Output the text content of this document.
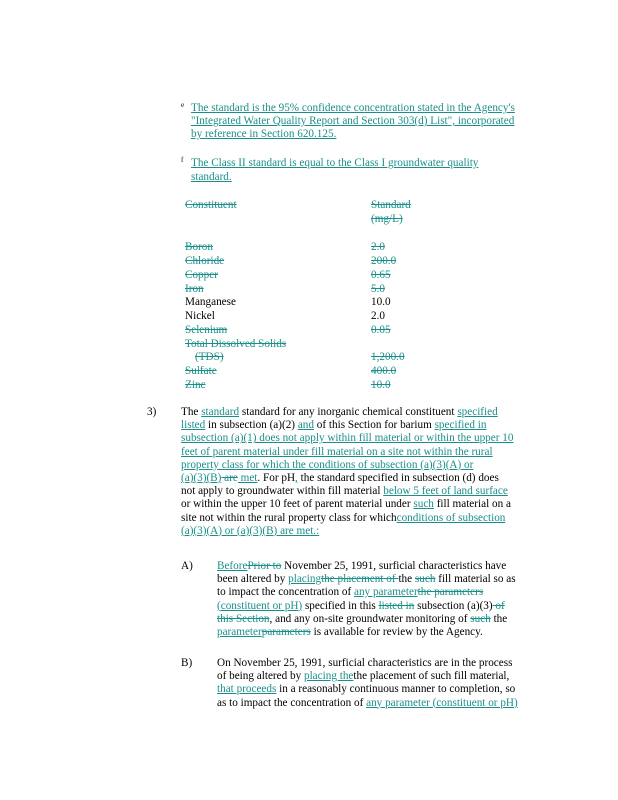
e The standard is the 95% confidence concentration stated in the Agency's
"Integrated Water Quality Report and Section 303(d) List", incorporated
by reference in Section 620.125.
f The Class II standard is equal to the Class I groundwater quality
standard.
Constituent	Standard
(mg/L)
Boron	2.0
Chloride	200.0
Copper	0.65
Iron	5.0
Manganese	10.0
Nickel	2.0
Selenium	0.05
Total Dissolved Solids
(TDS)	1,200.0
Sulfate	400.0
Zinc	10.0
3) The standard standard for any inorganic chemical constituent specified
listed in subsection (a)(2) and of this Section for barium specified in
subsection (a)(1) does not apply within fill material or within the upper 10
feet of parent material under fill material on a site not within the rural
property class for which the conditions of subsection (a)(3)(A) or
(a)(3)(B) are met. For pH, the standard specified in subsection (d) does
not apply to groundwater within fill material below 5 feet of land surface
or within the upper 10 feet of parent material under such fill material on a
site not within the rural property class for whichconditions of subsection
(a)(3)(A) or (a)(3)(B) are met.:
A) BeforePrior to November 25, 1991, surficial characteristics have
been altered by placingthe placement of the such fill material so as
to impact the concentration of any parameterthe parameters
(constituent or pH) specified in this listed in subsection (a)(3) of
this Section, and any on-site groundwater monitoring of such the
parameterparameters is available for review by the Agency.
B) On November 25, 1991, surficial characteristics are in the process
of being altered by placing thethe placement of such fill material,
that proceeds in a reasonably continuous manner to completion, so
as to impact the concentration of any parameter (constituent or pH)
